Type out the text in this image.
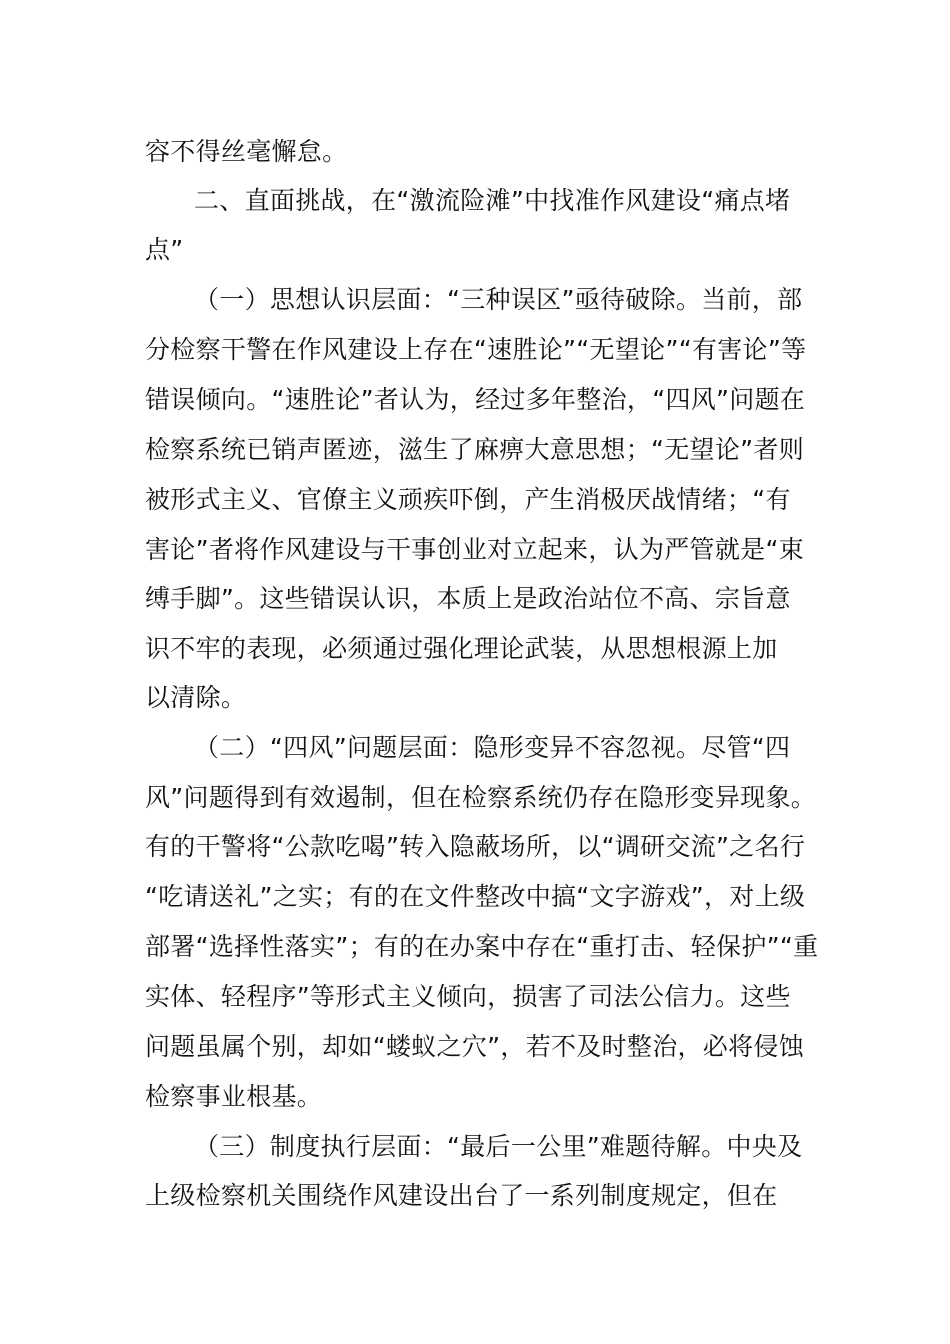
容不得丝毫懈怠。
二、直面挑战，在“激流险滩”中找准作风建设“痛点堵
点”
（一）思想认识层面：“三种误区”亟待破除。当前，部
分检察干警在作风建设上存在“速胜论”“无望论”“有害论”等
错误倾向。“速胜论”者认为，经过多年整治，“四风”问题在
检察系统已销声匿迹，滋生了麻痹大意思想；“无望论”者则
被形式主义、官僚主义顽疾吓倒，产生消极厌战情绪；“有
害论”者将作风建设与干事创业对立起来，认为严管就是“束
缚手脚”。这些错误认识，本质上是政治站位不高、宗旨意
识不牢的表现，必须通过强化理论武装，从思想根源上加
以清除。
（二）“四风”问题层面：隐形变异不容忽视。尽管“四
风”问题得到有效遏制，但在检察系统仍存在隐形变异现象。
有的干警将“公款吃喝”转入隐蔽场所，以“调研交流”之名行
“吃请送礼”之实；有的在文件整改中搞“文字游戏”，对上级
部署“选择性落实”；有的在办案中存在“重打击、轻保护”“重
实体、轻程序”等形式主义倾向，损害了司法公信力。这些
问题虽属个别，却如“蝼蚁之穴”，若不及时整治，必将侵蚀
检察事业根基。
（三）制度执行层面：“最后一公里”难题待解。中央及
上级检察机关围绕作风建设出台了一系列制度规定，但在
